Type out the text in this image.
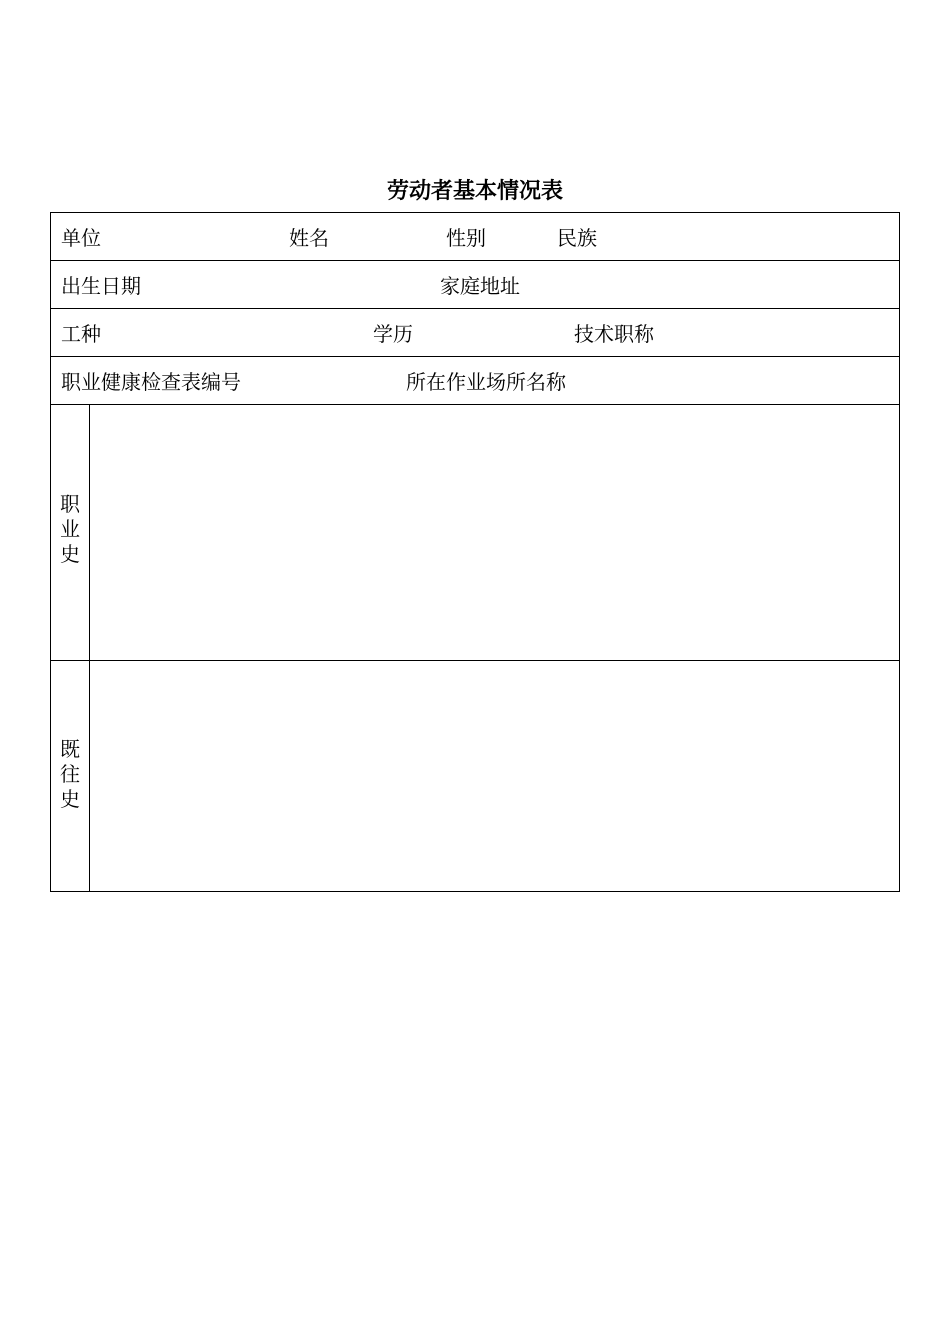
劳动者基本情况表
单位	姓名	性别	民族
出生日期	家庭地址
工种	学历	技术职称
职业健康检查表编号	所在作业场所名称
职
业
史
既
往
史
